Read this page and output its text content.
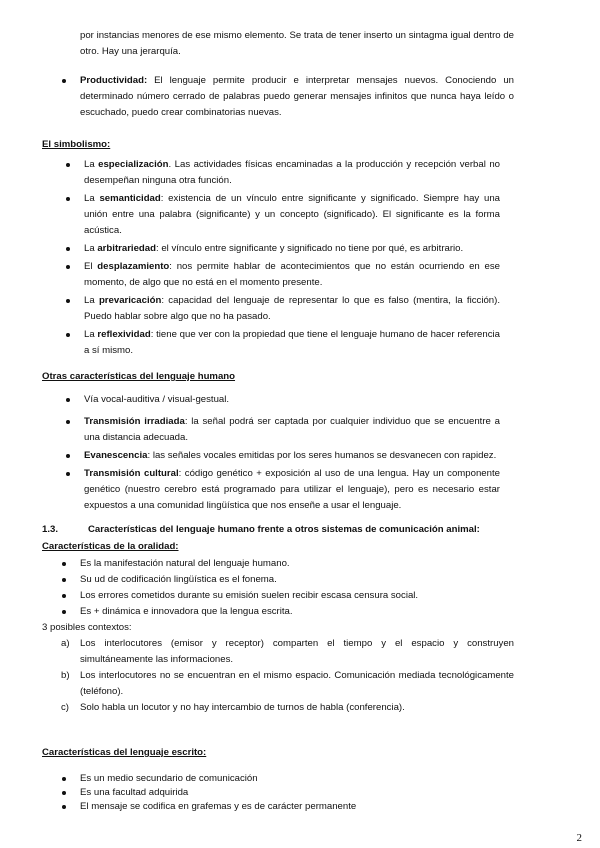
por instancias menores de ese mismo elemento. Se trata de tener inserto un sintagma igual dentro de otro. Hay una jerarquía.
Productividad: El lenguaje permite producir e interpretar mensajes nuevos. Conociendo un determinado número cerrado de palabras puedo generar mensajes infinitos que nunca haya leído o escuchado, puedo crear combinatorias nuevas.
El simbolismo:
La especialización. Las actividades físicas encaminadas a la producción y recepción verbal no desempeñan ninguna otra función.
La semanticidad: existencia de un vínculo entre significante y significado. Siempre hay una unión entre una palabra (significante) y un concepto (significado). El significante es la forma acústica.
La arbitrariedad: el vínculo entre significante y significado no tiene por qué, es arbitrario.
El desplazamiento: nos permite hablar de acontecimientos que no están ocurriendo en ese momento, de algo que no está en el momento presente.
La prevaricación: capacidad del lenguaje de representar lo que es falso (mentira, la ficción). Puedo hablar sobre algo que no ha pasado.
La reflexividad: tiene que ver con la propiedad que tiene el lenguaje humano de hacer referencia a sí mismo.
Otras características del lenguaje humano
Vía vocal-auditiva / visual-gestual.
Transmisión irradiada: la señal podrá ser captada por cualquier individuo que se encuentre a una distancia adecuada.
Evanescencia: las señales vocales emitidas por los seres humanos se desvanecen con rapidez.
Transmisión cultural: código genético + exposición al uso de una lengua. Hay un componente genético (nuestro cerebro está programado para utilizar el lenguaje), pero es necesario estar expuestos a una comunidad lingüística que nos enseñe a usar el lenguaje.
1.3.	Características del lenguaje humano frente a otros sistemas de comunicación animal:
Características de la oralidad:
Es la manifestación natural del lenguaje humano.
Su ud de codificación lingüística es el fonema.
Los errores cometidos durante su emisión suelen recibir escasa censura social.
Es + dinámica e innovadora que la lengua escrita.
3 posibles contextos:
a) Los interlocutores (emisor y receptor) comparten el tiempo y el espacio y construyen simultáneamente las informaciones.
b) Los interlocutores no se encuentran en el mismo espacio. Comunicación mediada tecnológicamente (teléfono).
c) Solo habla un locutor y no hay intercambio de turnos de habla (conferencia).
Características del lenguaje escrito:
Es un medio secundario de comunicación
Es una facultad adquirida
El mensaje se codifica en grafemas y es de carácter permanente
2
